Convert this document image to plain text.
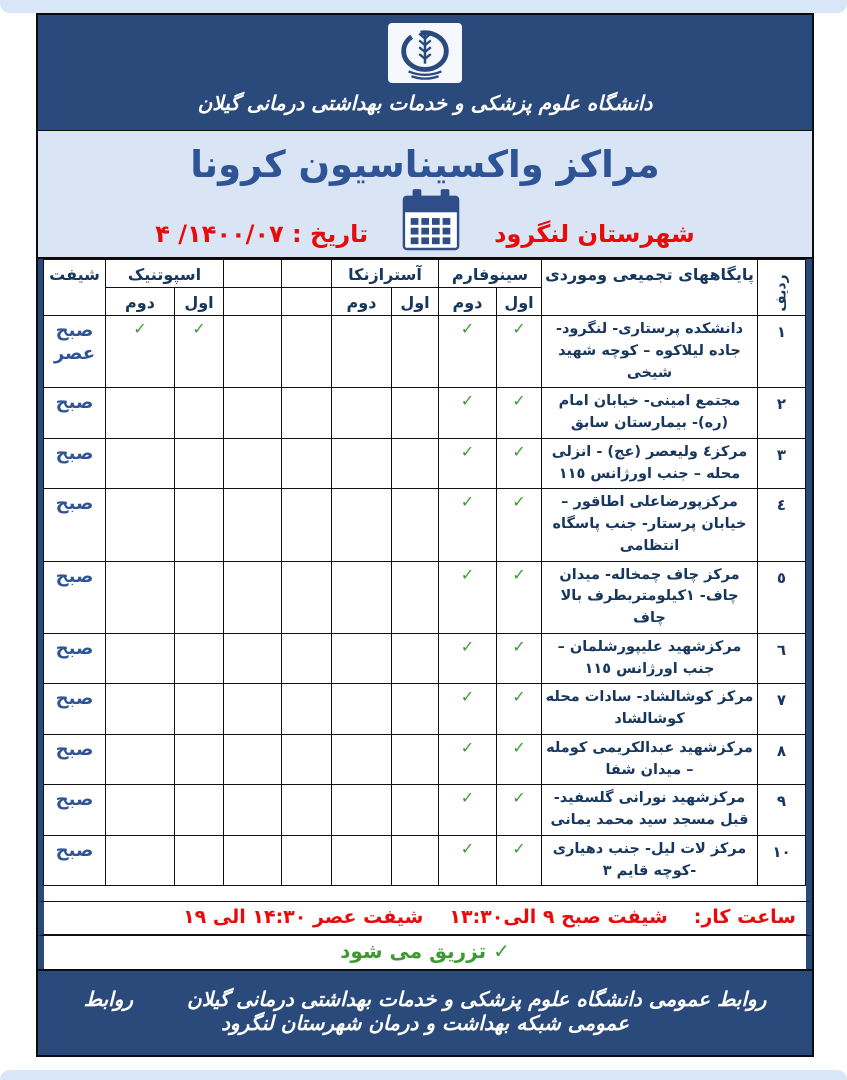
دانشگاه علوم پزشکی و خدمات بهداشتی درمانی گیلان
مراکز واکسیناسیون کرونا
شهرستان لنگرود
تاریخ : ۱۴۰۰/۰۷/ ۴
ردیف	پایگاههای تجمیعی وموردی	سینوفارم		آسترازنکا				اسپوتنیک		شیفت
		اول	دوم	اول	دوم			اول	دوم	
۱	دانشکده پرستاری- لنگرود- جاده لیلاکوه – کوچه شهید شیخی	✓	✓					✓	✓	صبح عصر
۲	مجتمع امینی- خیابان امام (ره)- بیمارستان سابق	✓	✓							صبح
۳	مرکز٤ ولیعصر (عج) - انزلی محله – جنب اورژانس ۱۱٥	✓	✓							صبح
٤	مرکزپورضاعلی اطاقور – خیابان پرستار- جنب پاسگاه انتظامی	✓	✓							صبح
٥	مرکز چاف چمخاله- میدان چاف- ۱کیلومتربطرف بالا چاف	✓	✓							صبح
٦	مرکزشهید علیپورشلمان – جنب اورژانس ۱۱٥	✓	✓							صبح
۷	مرکز کوشالشاد- سادات محله کوشالشاد	✓	✓							صبح
۸	مرکزشهید عبدالکریمی کومله – میدان شفا	✓	✓							صبح
۹	مرکزشهید نورانی گلسفید- قبل مسجد سید محمد یمانی	✓	✓							صبح
۱۰	مرکز لات لیل- جنب دهیاری -کوچه قایم ۳	✓	✓							صبح
ساعت کار:
شیفت صبح ۹ الی۱۳:۳۰
شیفت عصر ۱۴:۳۰ الی ۱۹
✓ تزریق می شود
روابط عمومی دانشگاه علوم پزشکی و خدمات بهداشتی درمانی گیلان  روابط عمومی شبکه بهداشت و درمان شهرستان لنگرود
